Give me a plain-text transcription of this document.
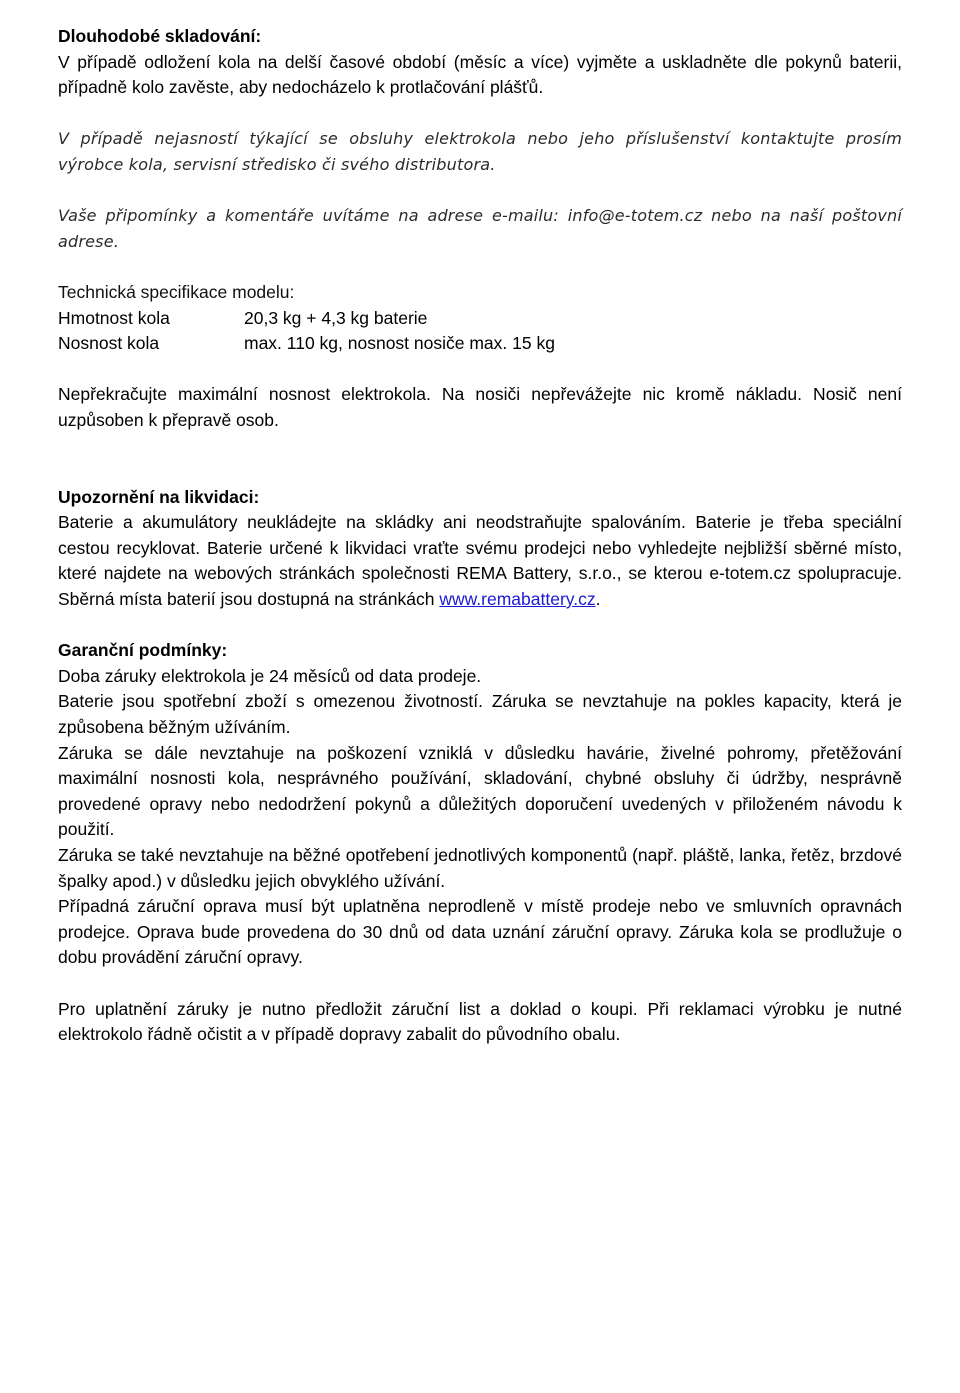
Dlouhodobé skladování:

V případě odložení kola na delší časové období (měsíc a více) vyjměte a uskladněte dle pokynů baterii, případně kolo zavěste, aby nedocházelo k protlačování plášťů.

V případě nejasností týkající se obsluhy elektrokola nebo jeho příslušenství kontaktujte prosím výrobce kola, servisní středisko či svého distributora.

Vaše připomínky a komentáře uvítáme na adrese e-mailu: info@e-totem.cz nebo na naší poštovní adrese.

Technická specifikace modelu:

Hmotnost kola	20,3 kg + 4,3 kg baterie
Nosnost kola	max. 110 kg, nosnost nosiče max. 15 kg

Nepřekračujte maximální nosnost elektrokola. Na nosiči nepřevážejte nic kromě nákladu. Nosič není uzpůsoben k přepravě osob.

Upozornění na likvidaci:

Baterie a akumulátory neukládejte na skládky ani neodstraňujte spalováním. Baterie je třeba speciální cestou recyklovat. Baterie určené k likvidaci vraťte svému prodejci nebo vyhledejte nejbližší sběrné místo, které najdete na webových stránkách společnosti REMA Battery, s.r.o., se kterou e-totem.cz spolupracuje. Sběrná místa baterií jsou dostupná na stránkách www.remabattery.cz.

Garanční podmínky:

Doba záruky elektrokola je 24 měsíců od data prodeje.

Baterie jsou spotřební zboží s omezenou životností. Záruka se nevztahuje na pokles kapacity, která je způsobena běžným užíváním.

Záruka se dále nevztahuje na poškození vzniklá v důsledku havárie, živelné pohromy, přetěžování maximální nosnosti kola, nesprávného používání, skladování, chybné obsluhy či údržby, nesprávně provedené opravy nebo nedodržení pokynů a důležitých doporučení uvedených v přiloženém návodu k použití.

Záruka se také nevztahuje na běžné opotřebení jednotlivých komponentů (např. pláště, lanka, řetěz, brzdové špalky apod.) v důsledku jejich obvyklého užívání.

Případná záruční oprava musí být uplatněna neprodleně v místě prodeje nebo ve smluvních opravnách prodejce. Oprava bude provedena do 30 dnů od data uznání záruční opravy. Záruka kola se prodlužuje o dobu provádění záruční opravy.

Pro uplatnění záruky je nutno předložit záruční list a doklad o koupi. Při reklamaci výrobku je nutné elektrokolo řádně očistit a v případě dopravy zabalit do původního obalu.
